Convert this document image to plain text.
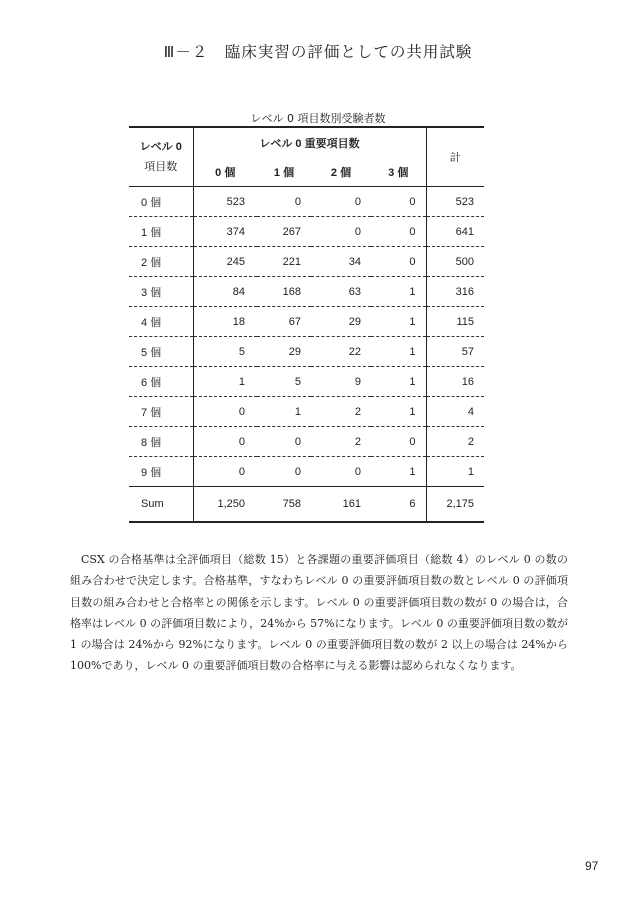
Ⅲ－２　臨床実習の評価としての共用試験
レベル 0 項目数別受験者数
レベル 0
項目数	レベル 0 重要項目数				計
	0 個	1 個	2 個	3 個	
0 個	523	0	0	0	523
1 個	374	267	0	0	641
2 個	245	221	34	0	500
3 個	84	168	63	1	316
4 個	18	67	29	1	115
5 個	5	29	22	1	57
6 個	1	5	9	1	16
7 個	0	1	2	1	4
8 個	0	0	2	0	2
9 個	0	0	0	1	1
Sum	1,250	758	161	6	2,175
CSX の合格基準は全評価項目（総数 15）と各課題の重要評価項目（総数 4）のレベル 0 の数の組み合わせで決定します。合格基準，すなわちレベル 0 の重要評価項目数の数とレベル 0 の評価項目数の組み合わせと合格率との関係を示します。レベル 0 の重要評価項目数の数が 0 の場合は，合格率はレベル 0 の評価項目数により，24%から 57%になります。レベル 0 の重要評価項目数の数が 1 の場合は 24%から 92%になります。レベル 0 の重要評価項目数の数が 2 以上の場合は 24%から 100%であり，レベル 0 の重要評価項目数の合格率に与える影響は認められなくなります。
97
